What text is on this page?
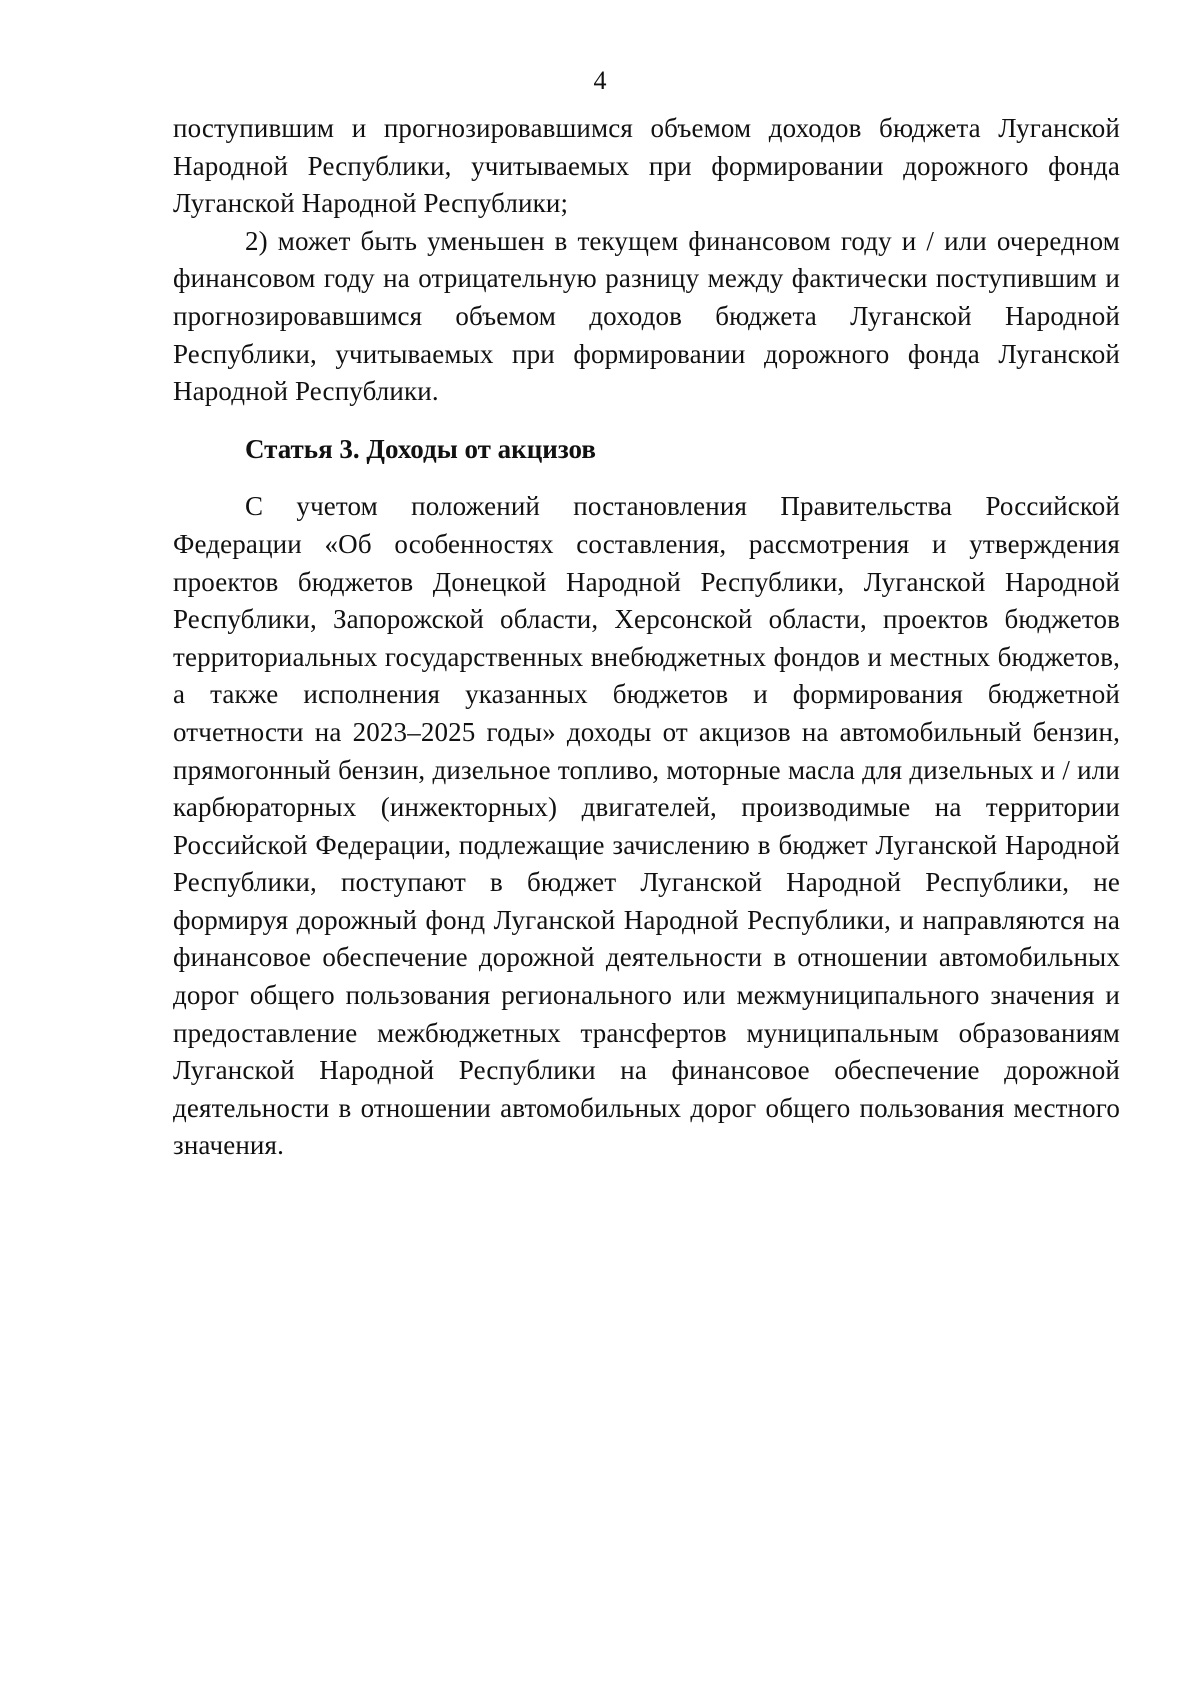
4

поступившим и прогнозировавшимся объемом доходов бюджета Луганской Народной Республики, учитываемых при формировании дорожного фонда Луганской Народной Республики;

2) может быть уменьшен в текущем финансовом году и / или очередном финансовом году на отрицательную разницу между фактически поступившим и прогнозировавшимся объемом доходов бюджета Луганской Народной Республики, учитываемых при формировании дорожного фонда Луганской Народной Республики.

Статья 3. Доходы от акцизов

С учетом положений постановления Правительства Российской Федерации «Об особенностях составления, рассмотрения и утверждения проектов бюджетов Донецкой Народной Республики, Луганской Народной Республики, Запорожской области, Херсонской области, проектов бюджетов территориальных государственных внебюджетных фондов и местных бюджетов, а также исполнения указанных бюджетов и формирования бюджетной отчетности на 2023–2025 годы» доходы от акцизов на автомобильный бензин, прямогонный бензин, дизельное топливо, моторные масла для дизельных и / или карбюраторных (инжекторных) двигателей, производимые на территории Российской Федерации, подлежащие зачислению в бюджет Луганской Народной Республики, поступают в бюджет Луганской Народной Республики, не формируя дорожный фонд Луганской Народной Республики, и направляются на финансовое обеспечение дорожной деятельности в отношении автомобильных дорог общего пользования регионального или межмуниципального значения и предоставление межбюджетных трансфертов муниципальным образованиям Луганской Народной Республики на финансовое обеспечение дорожной деятельности в отношении автомобильных дорог общего пользования местного значения.
